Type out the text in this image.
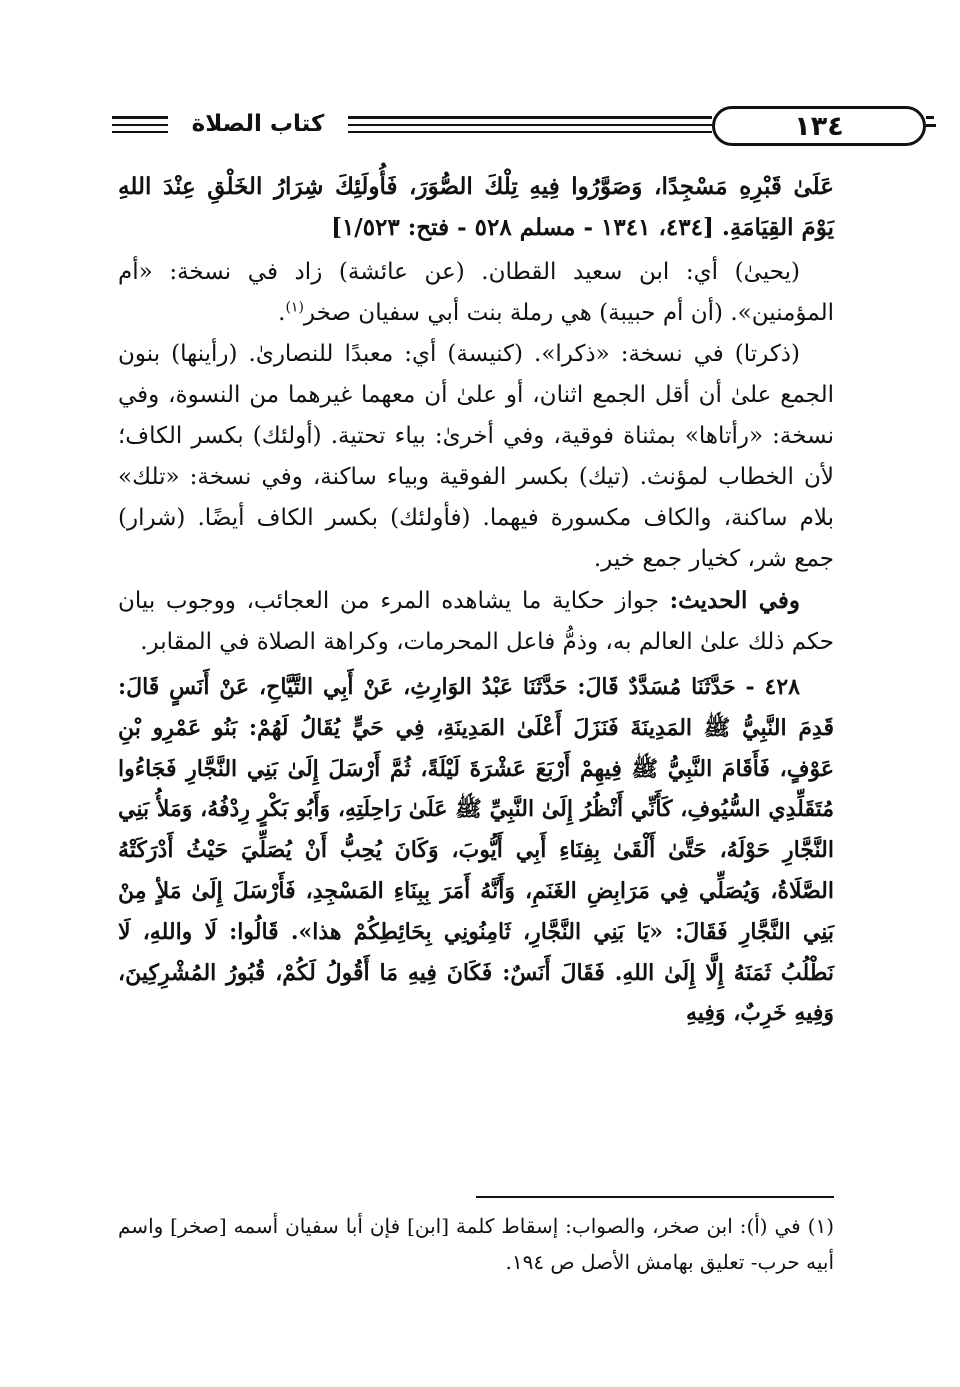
كتاب الصلاة	١٣٤

عَلَىٰ قَبْرِهِ مَسْجِدًا، وَصَوَّرُوا فِيهِ تِلْكَ الصُّوَرَ، فَأُولَئِكَ شِرَارُ الخَلْقِ عِنْدَ اللهِ يَوْمَ القِيَامَةِ. [٤٣٤، ١٣٤١ - مسلم ٥٢٨ - فتح: ١/٥٢٣]

(يحيىٰ) أي: ابن سعيد القطان. (عن عائشة) زاد في نسخة: «أم المؤمنين». (أن أم حبيبة) هي رملة بنت أبي سفيان صخر$^{(١)}$.

(ذكرتا) في نسخة: «ذكرا». (كنيسة) أي: معبدًا للنصارىٰ. (رأينها) بنون الجمع علىٰ أن أقل الجمع اثنان، أو علىٰ أن معهما غيرهما من النسوة، وفي نسخة: «رأتاها» بمثناة فوقية، وفي أخرىٰ: بياء تحتية. (أولئك) بكسر الكاف؛ لأن الخطاب لمؤنث. (تيك) بكسر الفوقية وبياء ساكنة، وفي نسخة: «تلك» بلام ساكنة، والكاف مكسورة فيهما. (فأولئك) بكسر الكاف أيضًا. (شرار) جمع شر، كخيار جمع خير.

وفي الحديث: جواز حكاية ما يشاهده المرء من العجائب، ووجوب بيان حكم ذلك علىٰ العالم به، وذمُّ فاعل المحرمات، وكراهة الصلاة في المقابر.

٤٢٨ - حَدَّثَنَا مُسَدَّدٌ قَالَ: حَدَّثَنَا عَبْدُ الوَارِثِ، عَنْ أَبِي التَّيَّاحِ، عَنْ أَنَسٍ قَالَ: قَدِمَ النَّبِيُّ ﷺ المَدِينَةَ فَنَزَلَ أَعْلَىٰ المَدِينَةِ، فِي حَيٍّ يُقَالُ لَهُمْ: بَنُو عَمْرِو بْنِ عَوْفٍ، فَأَقَامَ النَّبِيُّ ﷺ فِيهِمْ أَرْبَعَ عَشْرَةَ لَيْلَةً، ثُمَّ أَرْسَلَ إِلَىٰ بَنِي النَّجَّارِ فَجَاءُوا مُتَقَلِّدِي السُّيُوفِ، كَأَنِّي أَنْظُرُ إِلَىٰ النَّبِيِّ ﷺ عَلَىٰ رَاحِلَتِهِ، وَأَبُو بَكْرٍ رِدْفُهُ، وَمَلأُ بَنِي النَّجَّارِ حَوْلَهُ، حَتَّىٰ أَلْقَىٰ بِفِنَاءِ أَبِي أَيُّوبَ، وَكَانَ يُحِبُّ أَنْ يُصَلِّيَ حَيْثُ أَدْرَكَتْهُ الصَّلَاةُ، وَيُصَلِّي فِي مَرَابِضِ الغَنَمِ، وَأَنَّهُ أَمَرَ بِبِنَاءِ المَسْجِدِ، فَأَرْسَلَ إِلَىٰ مَلأٍ مِنْ بَنِي النَّجَّارِ فَقَالَ: «يَا بَنِي النَّجَّارِ، ثَامِنُونِي بِحَائِطِكُمْ هذا». قَالُوا: لَا واللهِ، لَا نَطْلُبُ ثَمَنَهُ إِلَّا إِلَىٰ اللهِ. فَقَالَ أَنَسٌ: فَكَانَ فِيهِ مَا أَقُولُ لَكُمْ، قُبُورُ المُشْرِكِينَ، وَفِيهِ خَرِبٌ، وَفِيهِ

(١) في (أ): ابن صخر، والصواب: إسقاط كلمة [ابن] فإن أبا سفيان أسمه [صخر] واسم أبيه حرب- تعليق بهامش الأصل ص ١٩٤.
